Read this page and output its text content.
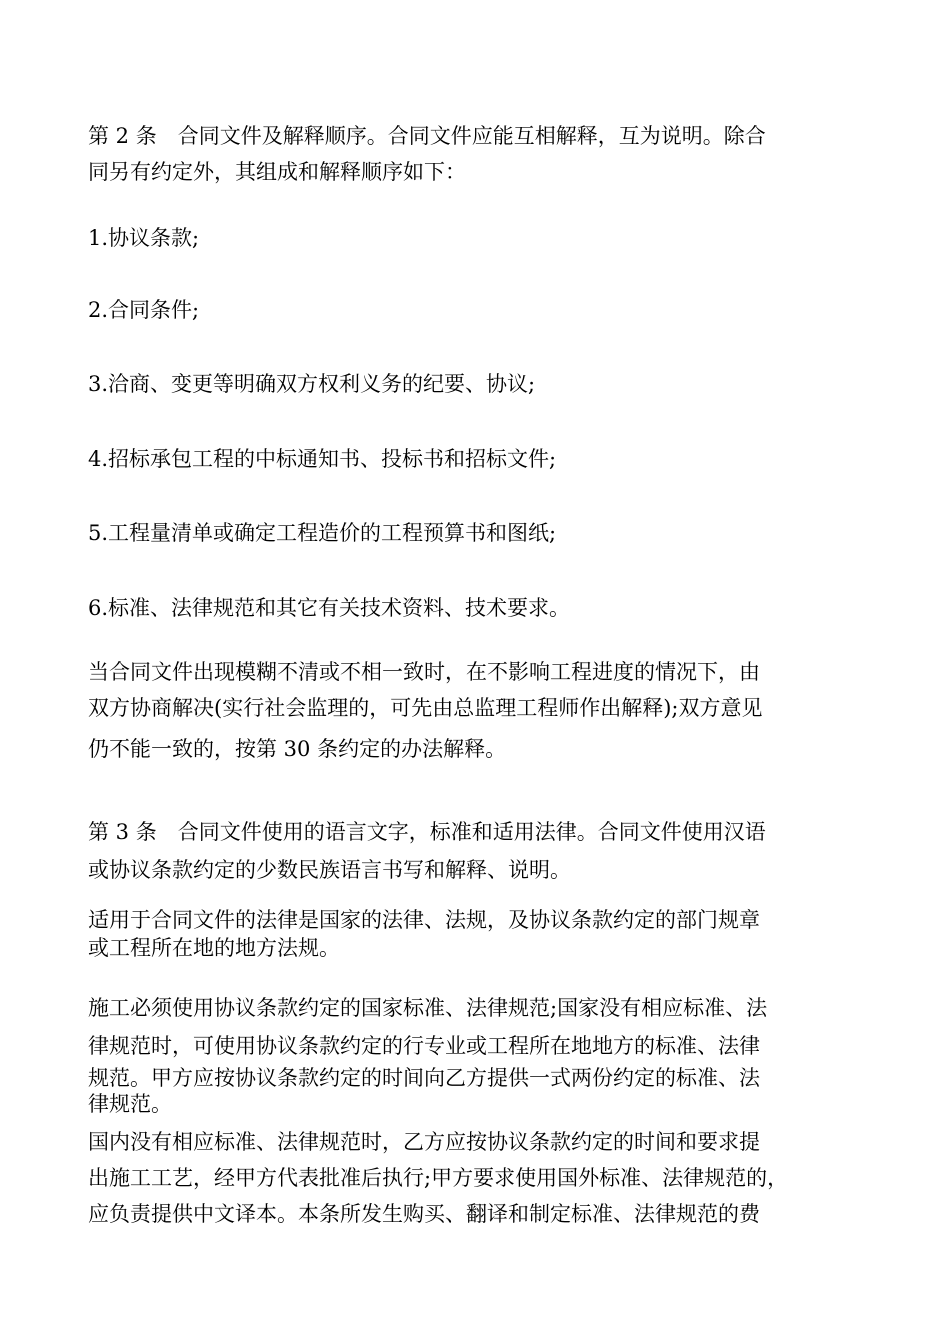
第 2 条　合同文件及解释顺序。合同文件应能互相解释，互为说明。除合
同另有约定外，其组成和解释顺序如下：
1.协议条款;
2.合同条件;
3.洽商、变更等明确双方权利义务的纪要、协议;
4.招标承包工程的中标通知书、投标书和招标文件;
5.工程量清单或确定工程造价的工程预算书和图纸;
6.标准、法律规范和其它有关技术资料、技术要求。
当合同文件出现模糊不清或不相一致时，在不影响工程进度的情况下，由
双方协商解决(实行社会监理的，可先由总监理工程师作出解释);双方意见
仍不能一致的，按第 30 条约定的办法解释。
第 3 条　合同文件使用的语言文字，标准和适用法律。合同文件使用汉语
或协议条款约定的少数民族语言书写和解释、说明。
适用于合同文件的法律是国家的法律、法规，及协议条款约定的部门规章
或工程所在地的地方法规。
施工必须使用协议条款约定的国家标准、法律规范;国家没有相应标准、法
律规范时，可使用协议条款约定的行专业或工程所在地地方的标准、法律
规范。甲方应按协议条款约定的时间向乙方提供一式两份约定的标准、法
律规范。
国内没有相应标准、法律规范时，乙方应按协议条款约定的时间和要求提
出施工工艺，经甲方代表批准后执行;甲方要求使用国外标准、法律规范的，
应负责提供中文译本。本条所发生购买、翻译和制定标准、法律规范的费
